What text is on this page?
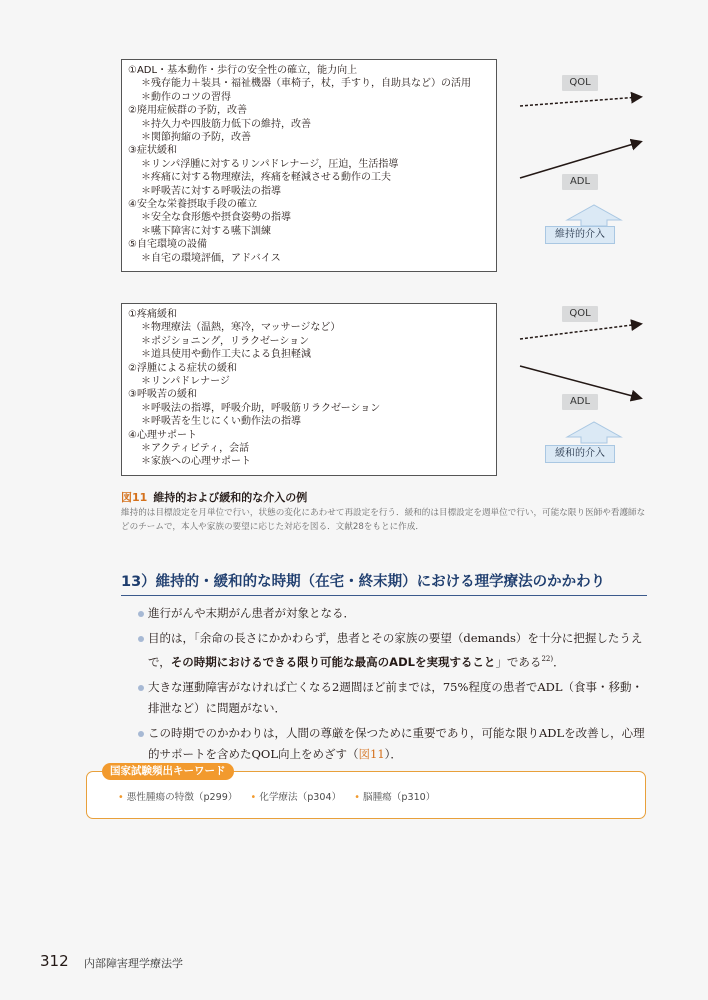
①ADL・基本動作・歩行の安全性の確立，能力向上
＊残存能力＋装具・福祉機器（車椅子，杖，手すり，自助具など）の活用
＊動作のコツの習得
②廃用症候群の予防，改善
＊持久力や四肢筋力低下の維持，改善
＊関節拘縮の予防，改善
③症状緩和
＊リンパ浮腫に対するリンパドレナージ，圧迫，生活指導
＊疼痛に対する物理療法，疼痛を軽減させる動作の工夫
＊呼吸苦に対する呼吸法の指導
④安全な栄養摂取手段の確立
＊安全な食形態や摂食姿勢の指導
＊嚥下障害に対する嚥下訓練
⑤自宅環境の設備
＊自宅の環境評価，アドバイス
QOL
ADL
維持的介入
①疼痛緩和
＊物理療法（温熱，寒冷，マッサージなど）
＊ポジショニング，リラクゼーション
＊道具使用や動作工夫による負担軽減
②浮腫による症状の緩和
＊リンパドレナージ
③呼吸苦の緩和
＊呼吸法の指導，呼吸介助，呼吸筋リラクゼーション
＊呼吸苦を生じにくい動作法の指導
④心理サポート
＊アクティビティ，会話
＊家族への心理サポート
QOL
ADL
緩和的介入
図11 維持的および緩和的な介入の例
維持的は目標設定を月単位で行い，状態の変化にあわせて再設定を行う．緩和的は目標設定を週単位で行い，可能な限り医師や看護師などのチームで，本人や家族の要望に応じた対応を図る．文献28をもとに作成．
13）維持的・緩和的な時期（在宅・終末期）における理学療法のかかわり
進行がんや末期がん患者が対象となる．
目的は，「余命の長さにかかわらず，患者とその家族の要望（demands）を十分に把握したうえで，その時期におけるできる限り可能な最高のADLを実現すること」である$^{22)}$．
大きな運動障害がなければ亡くなる2週間ほど前までは，75%程度の患者でADL（食事・移動・排泄など）に問題がない．
この時期でのかかわりは，人間の尊厳を保つために重要であり，可能な限りADLを改善し，心理的サポートを含めたQOL向上をめざす（図11）．
国家試験頻出キーワード
• 悪性腫瘍の特徴（p299） • 化学療法（p304） • 脳腫瘍（p310）
312 内部障害理学療法学
